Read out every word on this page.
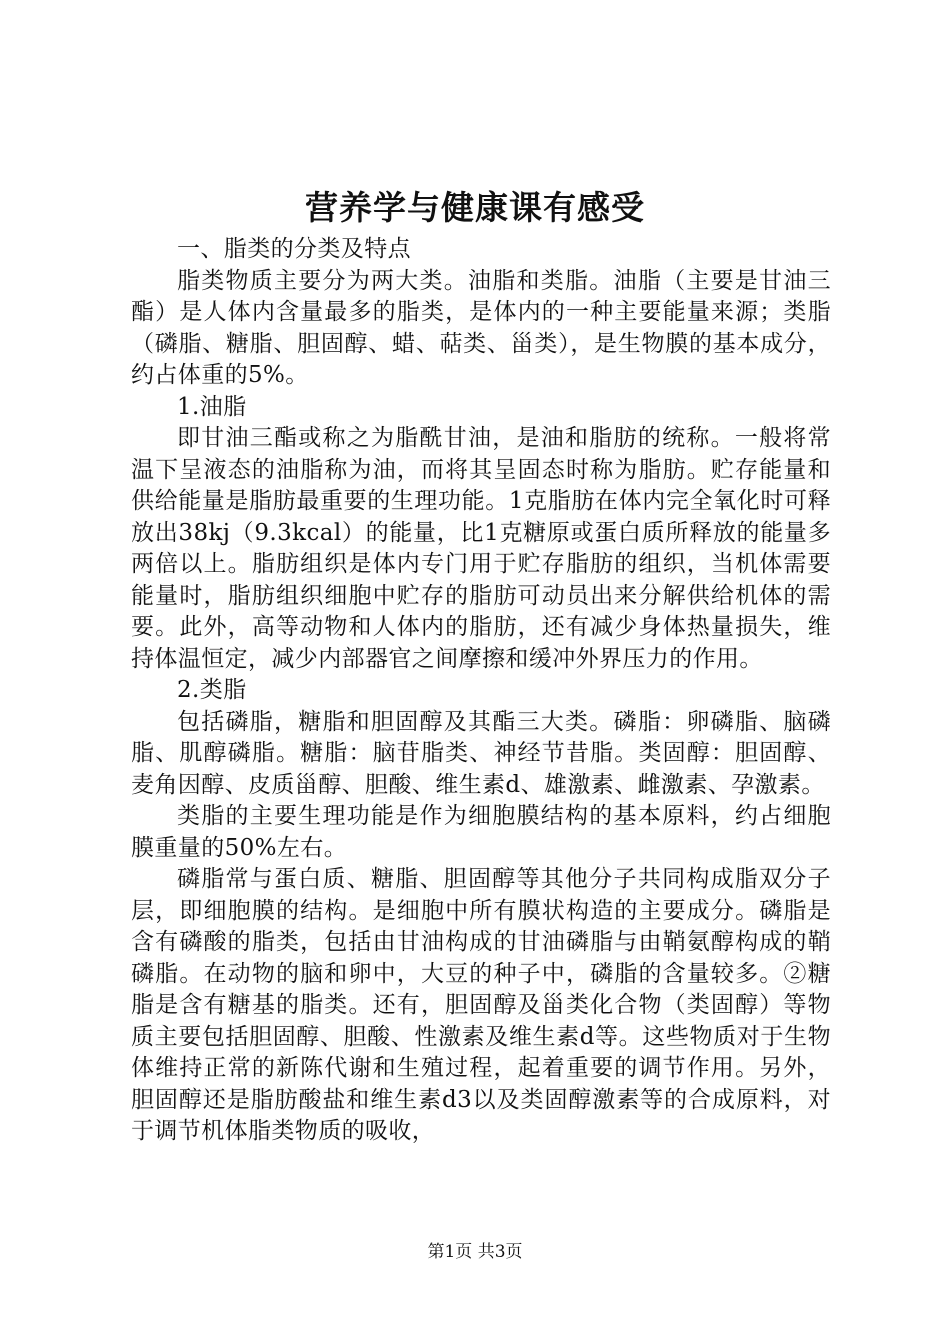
营养学与健康课有感受

一、脂类的分类及特点

脂类物质主要分为两大类。油脂和类脂。油脂（主要是甘油三酯）是人体内含量最多的脂类，是体内的一种主要能量来源；类脂（磷脂、糖脂、胆固醇、蜡、萜类、甾类），是生物膜的基本成分，约占体重的5%。

1.油脂

即甘油三酯或称之为脂酰甘油，是油和脂肪的统称。一般将常温下呈液态的油脂称为油，而将其呈固态时称为脂肪。贮存能量和供给能量是脂肪最重要的生理功能。1克脂肪在体内完全氧化时可释放出38kj（9.3kcal）的能量，比1克糖原或蛋白质所释放的能量多两倍以上。脂肪组织是体内专门用于贮存脂肪的组织，当机体需要能量时，脂肪组织细胞中贮存的脂肪可动员出来分解供给机体的需要。此外，高等动物和人体内的脂肪，还有减少身体热量损失，维持体温恒定，减少内部器官之间摩擦和缓冲外界压力的作用。

2.类脂

包括磷脂，糖脂和胆固醇及其酯三大类。磷脂：卵磷脂、脑磷脂、肌醇磷脂。糖脂：脑苷脂类、神经节昔脂。类固醇：胆固醇、麦角因醇、皮质甾醇、胆酸、维生素d、雄激素、雌激素、孕激素。

类脂的主要生理功能是作为细胞膜结构的基本原料，约占细胞膜重量的50%左右。

磷脂常与蛋白质、糖脂、胆固醇等其他分子共同构成脂双分子层，即细胞膜的结构。是细胞中所有膜状构造的主要成分。磷脂是含有磷酸的脂类，包括由甘油构成的甘油磷脂与由鞘氨醇构成的鞘磷脂。在动物的脑和卵中，大豆的种子中，磷脂的含量较多。②糖脂是含有糖基的脂类。还有，胆固醇及甾类化合物（类固醇）等物质主要包括胆固醇、胆酸、性激素及维生素d等。这些物质对于生物体维持正常的新陈代谢和生殖过程，起着重要的调节作用。另外，胆固醇还是脂肪酸盐和维生素d3以及类固醇激素等的合成原料，对于调节机体脂类物质的吸收，

第1页 共3页
